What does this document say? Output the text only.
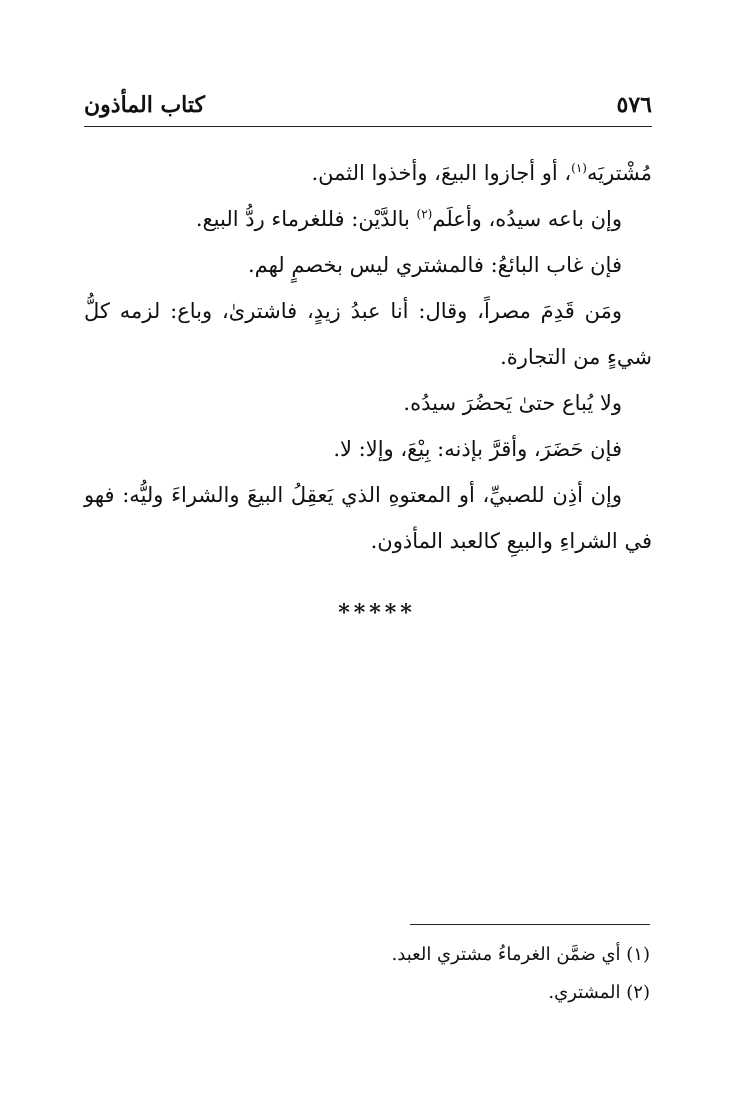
٥٧٦
كتاب المأذون

مُشْتريَه$^{(١)}$، أو أجازوا البيعَ، وأخذوا الثمن.

وإن باعه سيدُه، وأعلَم$^{(٢)}$ بالدَّيْن: فللغرماء ردُّ البيع.

فإن غاب البائعُ: فالمشتري ليس بخصمٍ لهم.

ومَن قَدِمَ مصراً، وقال: أنا عبدُ زيدٍ، فاشترىٰ، وباع: لزمه كلُّ شيءٍ من التجارة.

ولا يُباع حتىٰ يَحضُرَ سيدُه.

فإن حَضَرَ، وأقرَّ بإذنه: بِيْعَ، وإلا: لا.

وإن أذِن للصبيِّ، أو المعتوهِ الذي يَعقِلُ البيعَ والشراءَ وليُّه: فهو في الشراءِ والبيعِ كالعبد المأذون.

*****

(١) أي ضمَّن الغرماءُ مشتري العبد.

(٢) المشتري.
